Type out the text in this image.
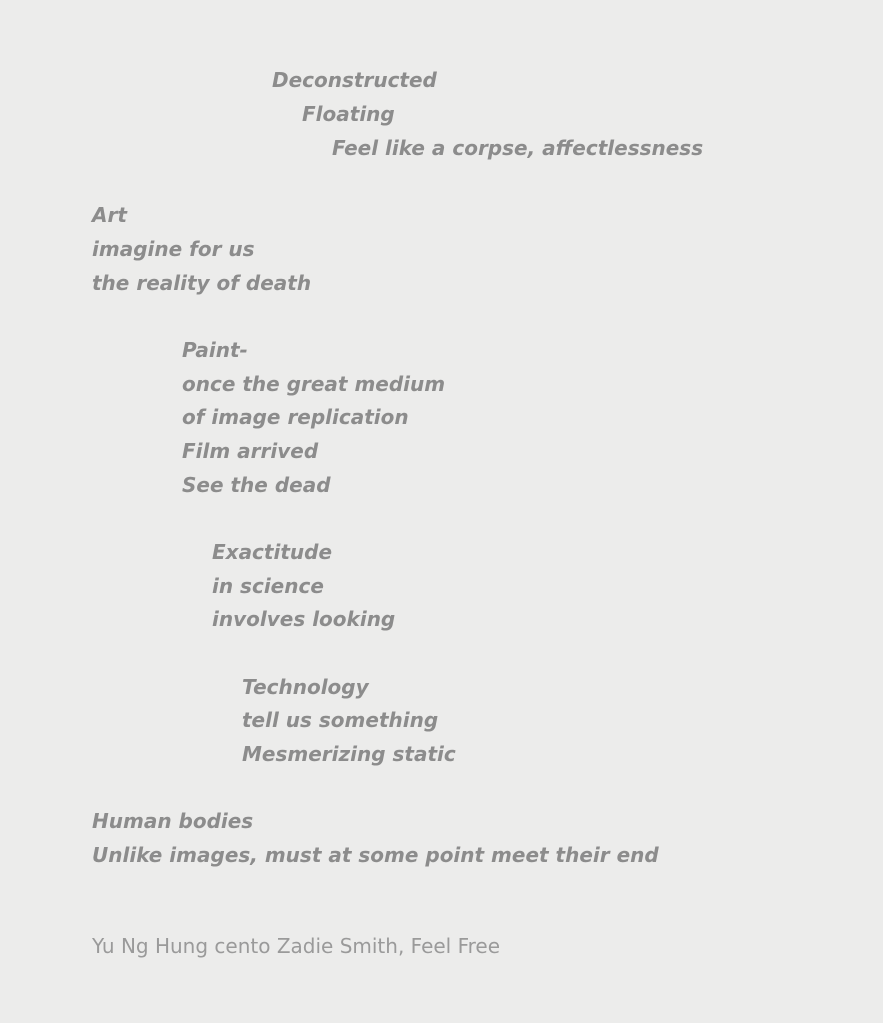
Deconstructed
Floating
Feel like a corpse, affectlessness
Art
imagine for us
the reality of death
Paint-
once the great medium
of image replication
Film arrived
See the dead
Exactitude
in science
involves looking
Technology
tell us something
Mesmerizing static
Human bodies
Unlike images, must at some point meet their end
Yu Ng Hung cento Zadie Smith, Feel Free
